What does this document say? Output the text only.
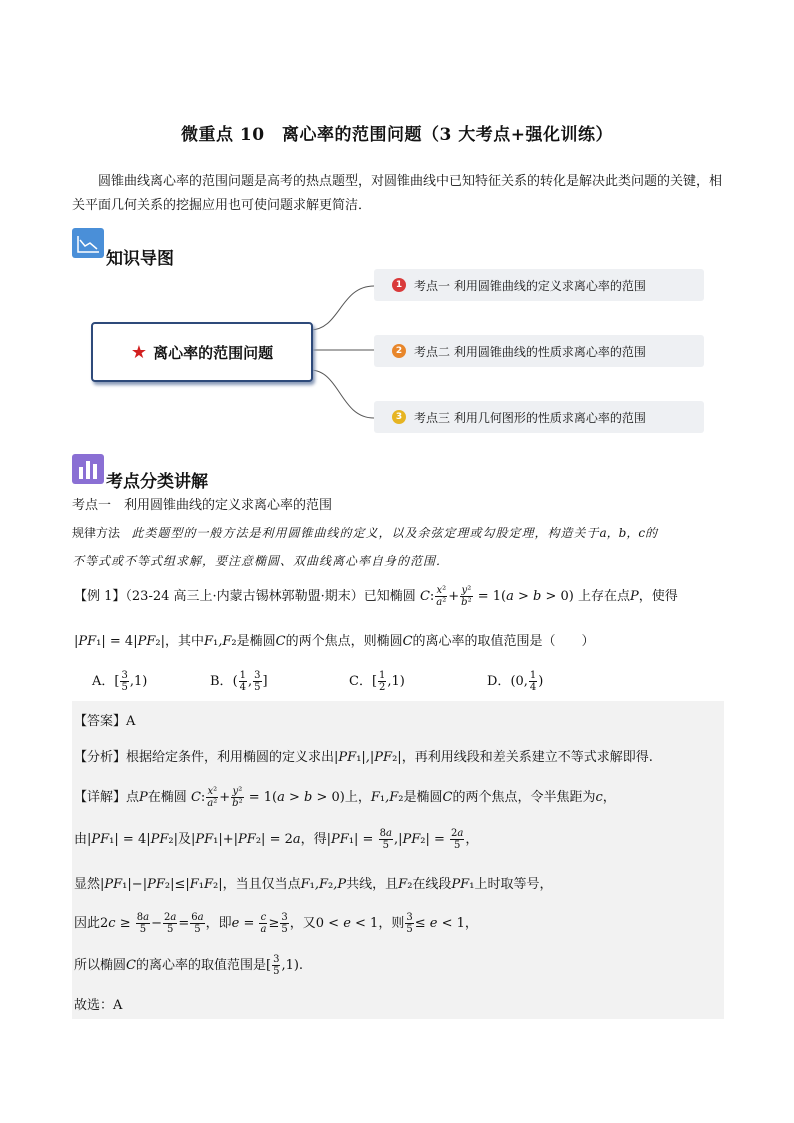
微重点 10　离心率的范围问题（3 大考点+强化训练）
圆锥曲线离心率的范围问题是高考的热点题型，对圆锥曲线中已知特征关系的转化是解决此类问题的关键，相关平面几何关系的挖掘应用也可使问题求解更简洁．
知识导图
★ 离心率的范围问题
1 考点一 利用圆锥曲线的定义求离心率的范围
2 考点二 利用圆锥曲线的性质求离心率的范围
3 考点三 利用几何图形的性质求离心率的范围
考点分类讲解
考点一　利用圆锥曲线的定义求离心率的范围
规律方法 此类题型的一般方法是利用圆锥曲线的定义，以及余弦定理或勾股定理，构造关于a，b，c的
不等式或不等式组求解，要注意椭圆、双曲线离心率自身的范围．
【例 1】（23-24 高三上·内蒙古锡林郭勒盟·期末）已知椭圆 C: $\frac{\text{x²}}{\text{a²}} + \frac{\text{y²}}{\text{b²}} = 1(a > b > 0)$ 上存在点P，使得
|PF₁| = 4|PF₂|，其中F₁,F₂是椭圆C的两个焦点，则椭圆C的离心率的取值范围是（　　）
A．[ $\frac{3}{5} ,1$)	B．( $\frac{1}{4}$ , $\frac{3}{5}$ ]	C．[ $\frac{1}{2} ,1$)	D．(0, $\frac{1}{4}$ )
【答案】A
【分析】根据给定条件，利用椭圆的定义求出|PF₁|,|PF₂|，再利用线段和差关系建立不等式求解即得.
【详解】点P在椭圆 C: $\frac{\text{x²}}{\text{a²}} + \frac{\text{y²}}{\text{b²}} = 1(a > b > 0)$上，F₁,F₂是椭圆C的两个焦点，令半焦距为c，
由|PF₁| = 4|PF₂|及|PF₁|+|PF₂| = 2a，得$|PF_1| = \frac{8a}{5} ,|PF_2| = \frac{2a}{5}$ ，
显然|PF₁|−|PF₂|≤|F₁F₂|，当且仅当点F₁,F₂,P共线，且F₂在线段PF₁上时取等号，
因此$2c \ge \frac{8a}{5} - \frac{2a}{5} = \frac{6a}{5}$ ，即$e = \frac{c}{a} \ge \frac{3}{5}$ ，又0 < e < 1，则 $\frac{3}{5} \le e < 1$，
所以椭圆C的离心率的取值范围是[ $\frac{3}{5} ,1$).
故选：A
